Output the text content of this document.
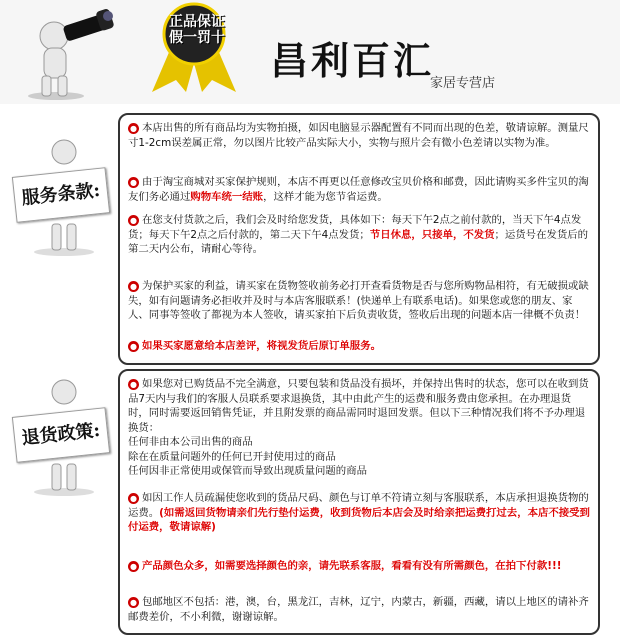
正品保证
假一罚十	昌利百汇
家居专营店
服务条款:
退货政策:
● 本店出售的所有商品均为实物拍摄，如因电脑显示器配置有不同而出现的色差，敬请谅解。测量尺寸1-2cm误差属正常，勿以图片比较产品实际大小，实物与照片会有微小色差请以实物为准。
● 由于淘宝商城对买家保护规则，本店不再更以任意修改宝贝价格和邮费，因此请购买多件宝贝的淘友们务必通过购物车统一结账，这样才能为您节省运费。
● 在您支付货款之后，我们会及时给您发货，具体如下：每天下午2点之前付款的，当天下午4点发货；每天下午2点之后付款的，第二天下午4点发货；节日休息，只接单，不发货；运货号在发货后的第二天内公布，请耐心等待。
● 为保护买家的利益，请买家在货物签收前务必打开查看货物是否与您所购物品相符，有无破损或缺失，如有问题请务必拒收并及时与本店客服联系！(快递单上有联系电话)。如果您或您的朋友、家人、同事等签收了都视为本人签收，请买家拍下后负责收货，签收后出现的问题本店一律概不负责！
● 如果买家愿意给本店差评，将视发货后原订单服务。
● 如果您对已购货品不完全满意，只要包装和货品没有损坏，并保持出售时的状态，您可以在收到货品7天内与我们的客服人员联系要求退换货，其中由此产生的运费和服务费由您承担。在办理退货时，同时需要返回销售凭证，并且附发票的商品需同时退回发票。但以下三种情况我们将不予办理退换货：
任何非由本公司出售的商品
除在在质量问题外的任何已开封使用过的商品
任何因非正常使用或保管而导致出现质量问题的商品
● 如因工作人员疏漏使您收到的货品尺码、颜色与订单不符请立刻与客服联系，本店承担退换货物的运费。(如需返回货物请亲们先行垫付运费，收到货物后本店会及时给亲把运费打过去，本店不接受到付运费，敬请谅解)
● 产品颜色众多，如需要选择颜色的亲，请先联系客服，看看有没有所需颜色，在拍下付款!!!
● 包邮地区不包括：港，澳，台，黑龙江，吉林，辽宁，内蒙古，新疆，西藏，请以上地区的请补齐邮费差价，不小利微，谢谢谅解。
